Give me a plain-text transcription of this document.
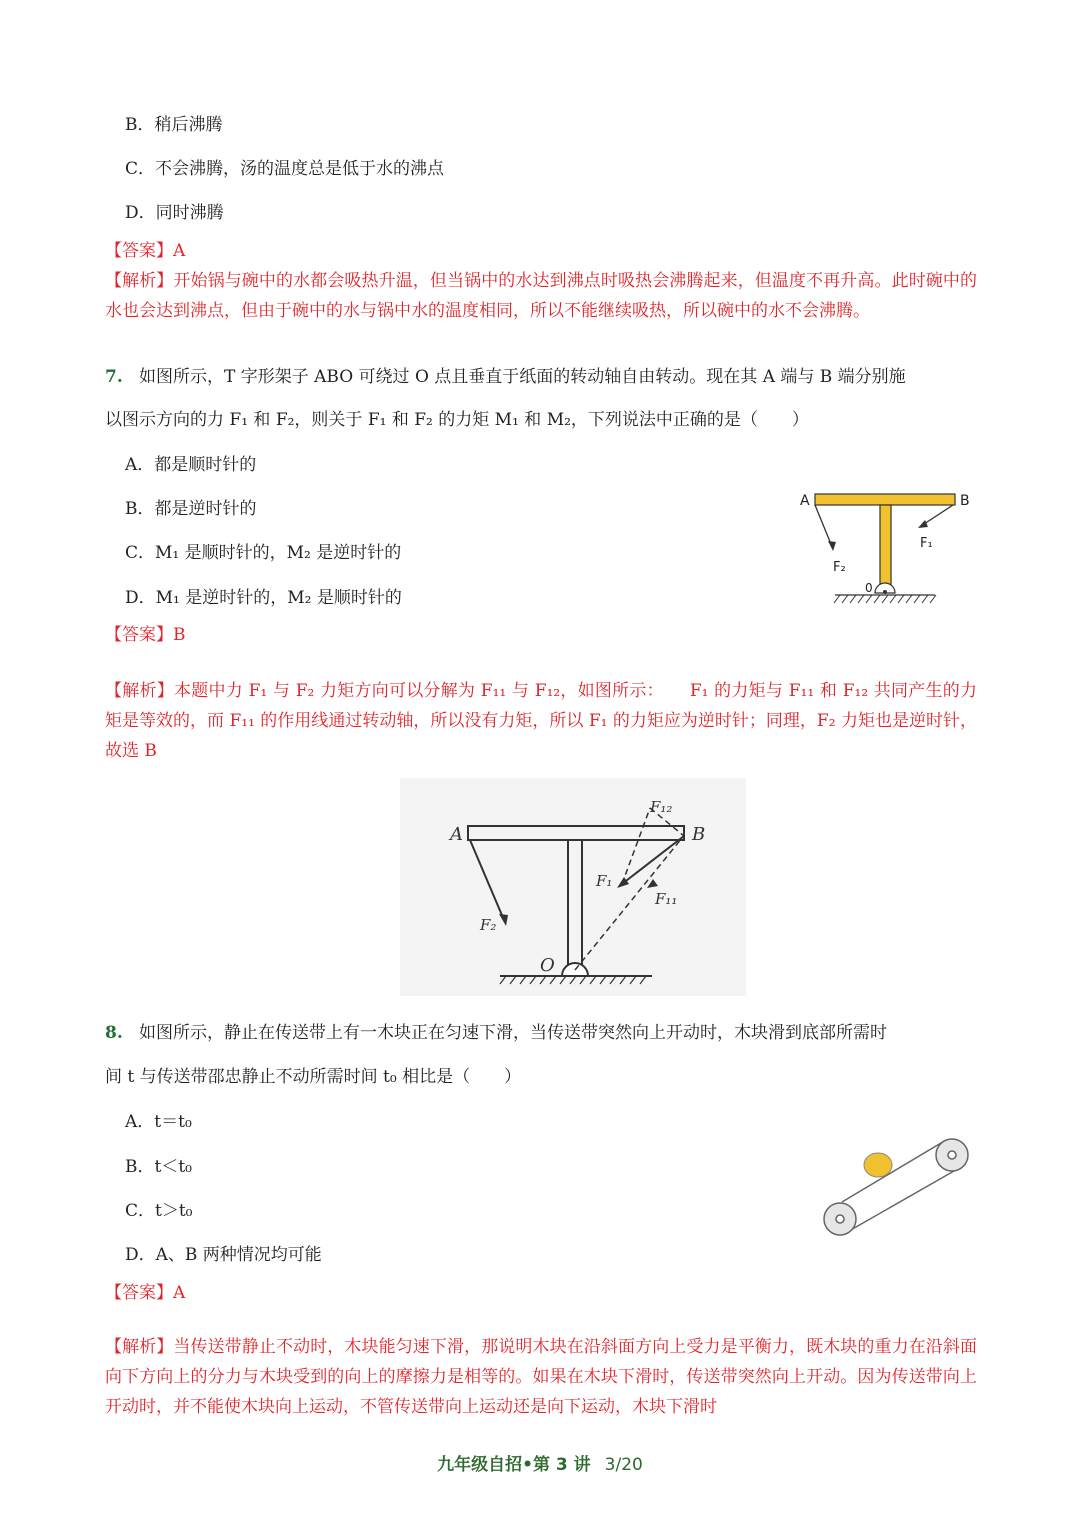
B．稍后沸腾
C．不会沸腾，汤的温度总是低于水的沸点
D．同时沸腾
【答案】A
【解析】开始锅与碗中的水都会吸热升温，但当锅中的水达到沸点时吸热会沸腾起来，但温度不再升高。此时碗中的水也会达到沸点，但由于碗中的水与锅中水的温度相同，所以不能继续吸热，所以碗中的水不会沸腾。
7. 如图所示，T 字形架子 ABO 可绕过 O 点且垂直于纸面的转动轴自由转动。现在其 A 端与 B 端分别施
以图示方向的力 F₁ 和 F₂，则关于 F₁ 和 F₂ 的力矩 M₁ 和 M₂，下列说法中正确的是（　　）
A．都是顺时针的
B．都是逆时针的
C．M₁ 是顺时针的，M₂ 是逆时针的
D．M₁ 是逆时针的，M₂ 是顺时针的
【答案】B
【解析】本题中力 F₁ 与 F₂ 力矩方向可以分解为 F₁₁ 与 F₁₂，如图所示：　　F₁ 的力矩与 F₁₁ 和 F₁₂ 共同产生的力矩是等效的，而 F₁₁ 的作用线通过转动轴，所以没有力矩，所以 F₁ 的力矩应为逆时针；同理，F₂ 力矩也是逆时针，故选 B
A	B
0
F₂
F₁
A	B
O
F₂
F₁
F₁₁
F₁₂
8. 如图所示，静止在传送带上有一木块正在匀速下滑，当传送带突然向上开动时，木块滑到底部所需时
间 t 与传送带邵忠静止不动所需时间 t₀ 相比是（　　）
A．t＝t₀
B．t＜t₀
C．t＞t₀
D．A、B 两种情况均可能
【答案】A
【解析】当传送带静止不动时，木块能匀速下滑，那说明木块在沿斜面方向上受力是平衡力，既木块的重力在沿斜面向下方向上的分力与木块受到的向上的摩擦力是相等的。如果在木块下滑时，传送带突然向上开动。因为传送带向上开动时，并不能使木块向上运动，不管传送带向上运动还是向下运动，木块下滑时
九年级自招•第 3 讲 3/20
